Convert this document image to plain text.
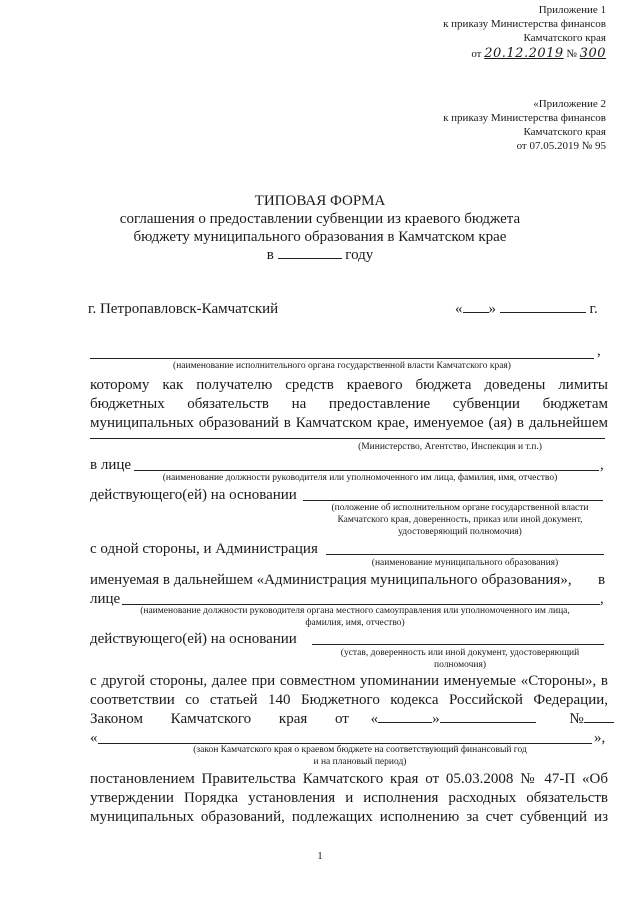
Приложение 1
к приказу Министерства финансов
Камчатского края
от 20.12.2019 № 300
«Приложение 2
к приказу Министерства финансов
Камчатского края
от 07.05.2019 № 95
ТИПОВАЯ ФОРМА
соглашения о предоставлении субвенции из краевого бюджета
бюджету муниципального образования в Камчатском крае
в	году
г. Петропавловск-Камчатский	« »	г.
,
(наименование исполнительного органа государственной власти Камчатского края)
которому как получателю средств краевого бюджета доведены лимиты
бюджетных обязательств на предоставление субвенции бюджетам
муниципальных образований в Камчатском крае, именуемое (ая) в дальнейшем
(Министерство, Агентство, Инспекция и т.п.)
в лице	,
(наименование должности руководителя или уполномоченного им лица, фамилия, имя, отчество)
действующего(ей) на основании
(положение об исполнительном органе государственной власти
Камчатского края, доверенность, приказ или иной документ,
удостоверяющий полномочия)
с одной стороны, и Администрация
(наименование муниципального образования)
именуемая в дальнейшем «Администрация муниципального образования», в
лице	,
(наименование должности руководителя органа местного самоуправления или уполномоченного им лица,
фамилия, имя, отчество)
действующего(ей) на основании
(устав, доверенность или иной документ, удостоверяющий
полномочия)
с другой стороны, далее при совместном упоминании именуемые «Стороны», в
соответствии со статьей 140 Бюджетного кодекса Российской Федерации,
Законом Камчатского края от «	»	№
«	»,
(закон Камчатского края о краевом бюджете на соответствующий финансовый год
и на плановый период)
постановлением Правительства Камчатского края от 05.03.2008 № 47-П «Об
утверждении Порядка установления и исполнения расходных обязательств
муниципальных образований, подлежащих исполнению за счет субвенций из
1
